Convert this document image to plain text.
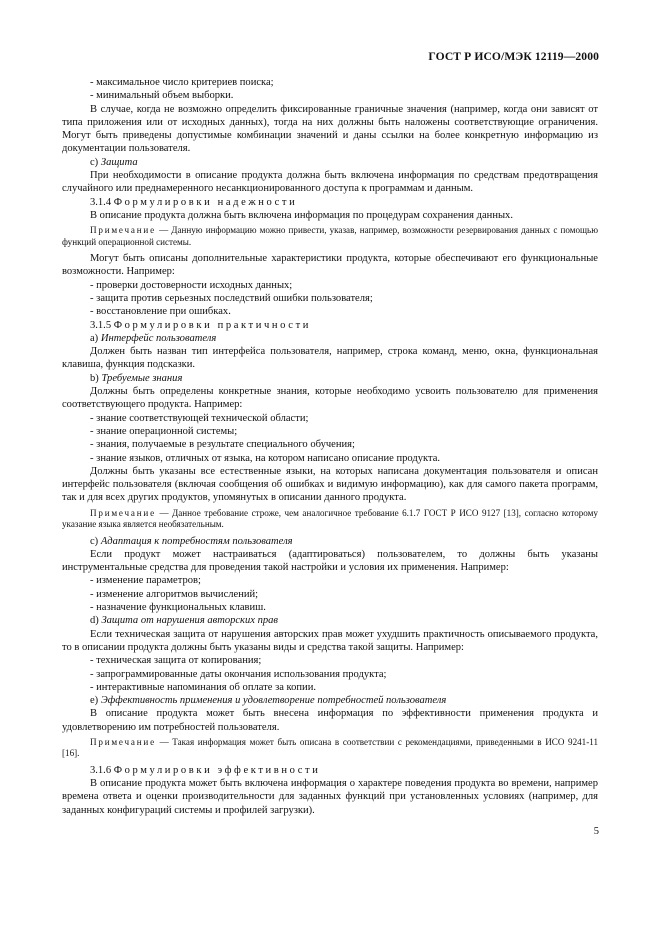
ГОСТ Р ИСО/МЭК 12119—2000

- максимальное число критериев поиска;

- минимальный объем выборки.

В случае, когда не возможно определить фиксированные граничные значения (например, когда они зависят от типа приложения или от исходных данных), тогда на них должны быть наложены соответствующие ограничения. Могут быть приведены допустимые комбинации значений и даны ссылки на более конкретную информацию из документации пользователя.

c) Защита

При необходимости в описание продукта должна быть включена информация по средствам предотвращения случайного или преднамеренного несанкционированного доступа к программам и данным.

3.1.4 Формулировки надежности

В описание продукта должна быть включена информация по процедурам сохранения данных.

Примечание — Данную информацию можно привести, указав, например, возможности резервирования данных с помощью функций операционной системы.

Могут быть описаны дополнительные характеристики продукта, которые обеспечивают его функциональные возможности. Например:

- проверки достоверности исходных данных;

- защита против серьезных последствий ошибки пользователя;

- восстановление при ошибках.

3.1.5 Формулировки практичности

a) Интерфейс пользователя

Должен быть назван тип интерфейса пользователя, например, строка команд, меню, окна, функциональная клавиша, функция подсказки.

b) Требуемые знания

Должны быть определены конкретные знания, которые необходимо усвоить пользователю для применения соответствующего продукта. Например:

- знание соответствующей технической области;

- знание операционной системы;

- знания, получаемые в результате специального обучения;

- знание языков, отличных от языка, на котором написано описание продукта.

Должны быть указаны все естественные языки, на которых написана документация пользователя и описан интерфейс пользователя (включая сообщения об ошибках и видимую информацию), как для самого пакета программ, так и для всех других продуктов, упомянутых в описании данного продукта.

Примечание — Данное требование строже, чем аналогичное требование 6.1.7 ГОСТ Р ИСО 9127 [13], согласно которому указание языка является необязательным.

c) Адаптация к потребностям пользователя

Если продукт может настраиваться (адаптироваться) пользователем, то должны быть указаны инструментальные средства для проведения такой настройки и условия их применения. Например:

- изменение параметров;

- изменение алгоритмов вычислений;

- назначение функциональных клавиш.

d) Защита от нарушения авторских прав

Если техническая защита от нарушения авторских прав может ухудшить практичность описываемого продукта, то в описании продукта должны быть указаны виды и средства такой защиты. Например:

- техническая защита от копирования;

- запрограммированные даты окончания использования продукта;

- интерактивные напоминания об оплате за копии.

e) Эффективность применения и удовлетворение потребностей пользователя

В описание продукта может быть внесена информация по эффективности применения продукта и удовлетворению им потребностей пользователя.

Примечание — Такая информация может быть описана в соответствии с рекомендациями, приведенными в ИСО 9241-11 [16].

3.1.6 Формулировки эффективности

В описание продукта может быть включена информация о характере поведения продукта во времени, например времена ответа и оценки производительности для заданных функций при установленных условиях (например, для заданных конфигураций системы и профилей загрузки).

5
